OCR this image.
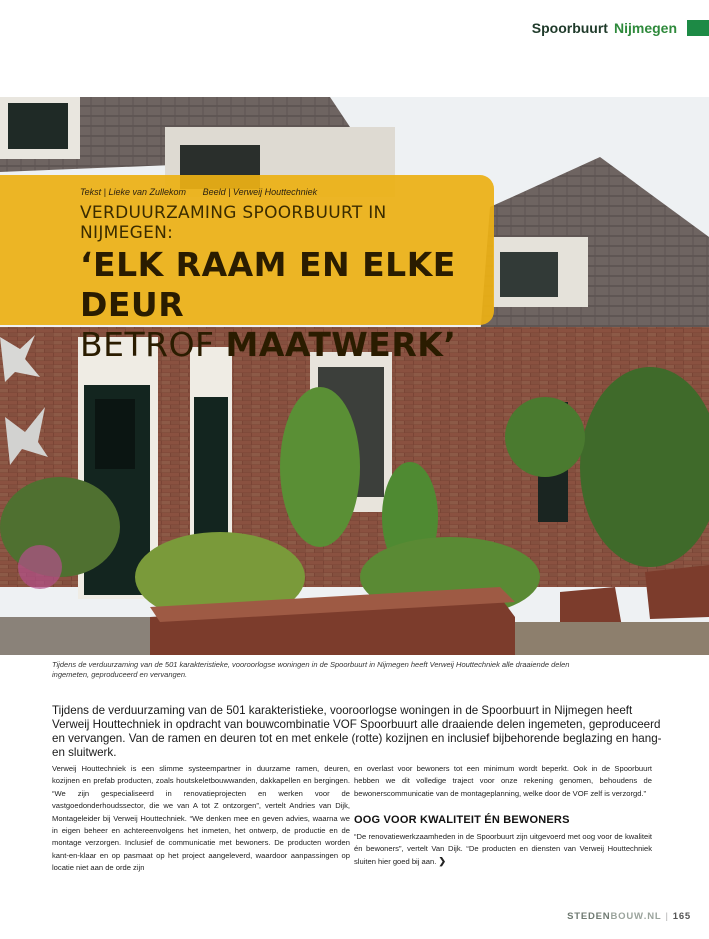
Spoorbuurt Nijmegen

Tekst | Lieke van Zullekom Beeld | Verweij Houttechniek

VERDUURZAMING SPOORBUURT IN NIJMEGEN:

‘ELK RAAM EN ELKE DEUR
BETROF MAATWERK’
Tijdens de verduurzaming van de 501 karakteristieke, vooroorlogse woningen in de Spoorbuurt in Nijmegen heeft Verweij Houttechniek alle draaiende delen ingemeten, geproduceerd en vervangen.
Tijdens de verduurzaming van de 501 karakteristieke, vooroorlogse woningen in de Spoorbuurt in Nijmegen heeft Verweij Houttechniek in opdracht van bouwcombinatie VOF Spoorbuurt alle draaiende delen ingemeten, geproduceerd en vervangen. Van de ramen en deuren tot en met enkele (rotte) kozijnen en inclusief bijbehorende beglazing en hang- en sluitwerk.

Verweij Houttechniek is een slimme systeempartner in duurzame ramen, deuren, kozijnen en prefab producten, zoals houtskeletbouwwanden, dakkapellen en bergingen. “We zijn gespecialiseerd in renovatieprojecten en werken voor de vastgoedonderhoudssector, die we van A tot Z ontzorgen”, vertelt Andries van Dijk, Montageleider bij Verweij Houttechniek. “We denken mee en geven advies, waarna we in eigen beheer en achtereenvolgens het inmeten, het ontwerp, de productie en de montage verzorgen. Inclusief de communicatie met bewoners. De producten worden kant-en-klaar en op pasmaat op het project aangeleverd, waardoor aanpassingen op locatie niet aan de orde zijn

en overlast voor bewoners tot een minimum wordt beperkt. Ook in de Spoorbuurt hebben we dit volledige traject voor onze rekening genomen, behoudens de bewonerscommunicatie van de montageplanning, welke door de VOF zelf is verzorgd.”

OOG VOOR KWALITEIT ÉN BEWONERS

“De renovatiewerkzaamheden in de Spoorbuurt zijn uitgevoerd met oog voor de kwaliteit én bewoners”, vertelt Van Dijk. “De producten en diensten van Verweij Houttechniek sluiten hier goed bij aan. ❯

STEDEN BOUW .NL | 165
